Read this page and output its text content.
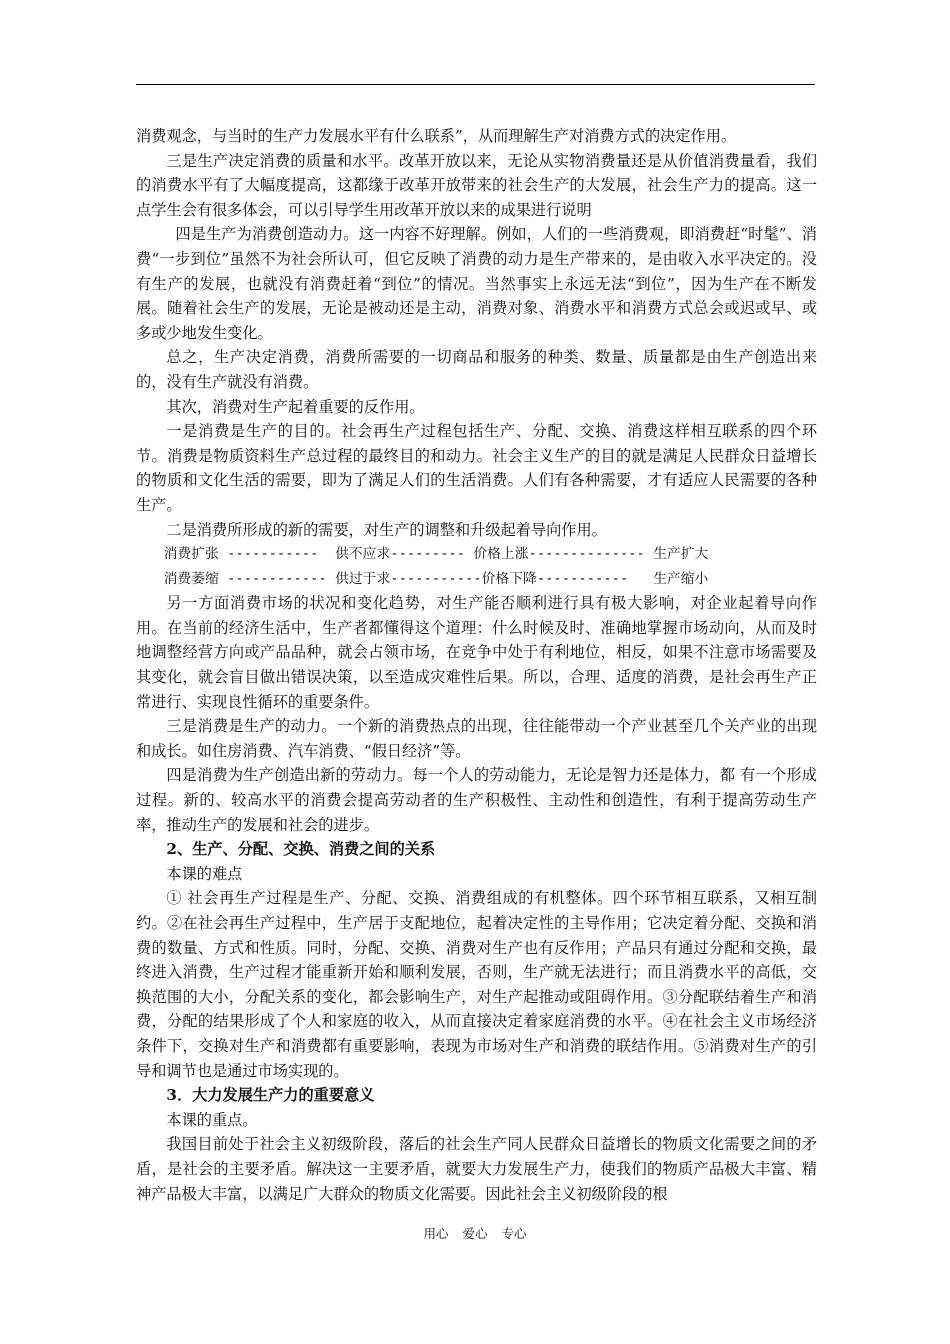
消费观念，与当时的生产力发展水平有什么联系”，从而理解生产对消费方式的决定作用。

三是生产决定消费的质量和水平。改革开放以来，无论从实物消费量还是从价值消费量看，我们的消费水平有了大幅度提高，这都缘于改革开放带来的社会生产的大发展，社会生产力的提高。这一点学生会有很多体会，可以引导学生用改革开放以来的成果进行说明

四是生产为消费创造动力。这一内容不好理解。例如，人们的一些消费观，即消费赶“时髦”、消费“一步到位”虽然不为社会所认可，但它反映了消费的动力是生产带来的，是由收入水平决定的。没有生产的发展，也就没有消费赶着“到位”的情况。当然事实上永远无法“到位”，因为生产在不断发展。随着社会生产的发展，无论是被动还是主动，消费对象、消费水平和消费方式总会或迟或早、或多或少地发生变化。

总之，生产决定消费，消费所需要的一切商品和服务的种类、数量、质量都是由生产创造出来的，没有生产就没有消费。

其次，消费对生产起着重要的反作用。

一是消费是生产的目的。社会再生产过程包括生产、分配、交换、消费这样相互联系的四个环节。消费是物质资料生产总过程的最终目的和动力。社会主义生产的目的就是满足人民群众日益增长的物质和文化生活的需要，即为了满足人们的生活消费。人们有各种需要，才有适应人民需要的各种生产。

二是消费所形成的新的需要，对生产的调整和升级起着导向作用。

消费扩张 -----------  供不应求--------- 价格上涨-------------- 生产扩大

消费萎缩 ------------ 供过于求-----------价格下降-----------   生产缩小

另一方面消费市场的状况和变化趋势，对生产能否顺利进行具有极大影响，对企业起着导向作用。在当前的经济生活中，生产者都懂得这个道理：什么时候及时、准确地掌握市场动向，从而及时地调整经营方向或产品品种，就会占领市场，在竞争中处于有利地位，相反，如果不注意市场需要及其变化，就会盲目做出错误决策，以至造成灾难性后果。所以，合理、适度的消费，是社会再生产正常进行、实现良性循环的重要条件。

三是消费是生产的动力。一个新的消费热点的出现，往往能带动一个产业甚至几个关产业的出现和成长。如住房消费、汽车消费、“假日经济”等。

四是消费为生产创造出新的劳动力。每一个人的劳动能力，无论是智力还是体力，都 有一个形成过程。新的、较高水平的消费会提高劳动者的生产积极性、主动性和创造性，有利于提高劳动生产率，推动生产的发展和社会的进步。

2、生产、分配、交换、消费之间的关系

本课的难点

① 社会再生产过程是生产、分配、交换、消费组成的有机整体。四个环节相互联系，又相互制约。②在社会再生产过程中，生产居于支配地位，起着决定性的主导作用；它决定着分配、交换和消费的数量、方式和性质。同时，分配、交换、消费对生产也有反作用；产品只有通过分配和交换，最终进入消费，生产过程才能重新开始和顺利发展，否则，生产就无法进行；而且消费水平的高低，交换范围的大小，分配关系的变化，都会影响生产，对生产起推动或阻碍作用。③分配联结着生产和消费，分配的结果形成了个人和家庭的收入，从而直接决定着家庭消费的水平。④在社会主义市场经济条件下，交换对生产和消费都有重要影响，表现为市场对生产和消费的联结作用。⑤消费对生产的引导和调节也是通过市场实现的。

3．大力发展生产力的重要意义

本课的重点。

我国目前处于社会主义初级阶段，落后的社会生产同人民群众日益增长的物质文化需要之间的矛盾，是社会的主要矛盾。解决这一主要矛盾，就要大力发展生产力，使我们的物质产品极大丰富、精神产品极大丰富，以满足广大群众的物质文化需要。因此社会主义初级阶段的根

用心 爱心 专心
